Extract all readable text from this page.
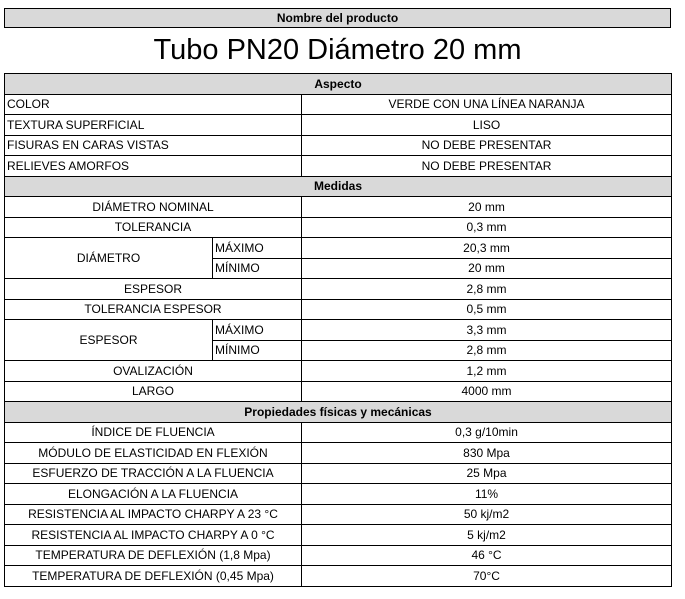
Nombre del producto
Tubo PN20 Diámetro 20 mm
Aspecto		
COLOR		VERDE CON UNA LÍNEA NARANJA
TEXTURA SUPERFICIAL		LISO
FISURAS EN CARAS VISTAS		NO DEBE PRESENTAR
RELIEVES AMORFOS		NO DEBE PRESENTAR
Medidas		
DIÁMETRO NOMINAL		20 mm
TOLERANCIA		0,3 mm
DIÁMETRO	MÁXIMO	20,3 mm
	MÍNIMO	20 mm
ESPESOR		2,8 mm
TOLERANCIA ESPESOR		0,5 mm
ESPESOR	MÁXIMO	3,3 mm
	MÍNIMO	2,8 mm
OVALIZACIÓN		1,2 mm
LARGO		4000 mm
Propiedades físicas y mecánicas		
ÍNDICE DE FLUENCIA		0,3 g/10min
MÓDULO DE ELASTICIDAD EN FLEXIÓN		830 Mpa
ESFUERZO DE TRACCIÓN A LA FLUENCIA		25 Mpa
ELONGACIÓN A LA FLUENCIA		11%
RESISTENCIA AL IMPACTO CHARPY A 23 °C		50 kj/m2
RESISTENCIA AL IMPACTO CHARPY A 0 °C		5 kj/m2
TEMPERATURA DE DEFLEXIÓN (1,8 Mpa)		46 °C
TEMPERATURA DE DEFLEXIÓN (0,45 Mpa)		70°C
